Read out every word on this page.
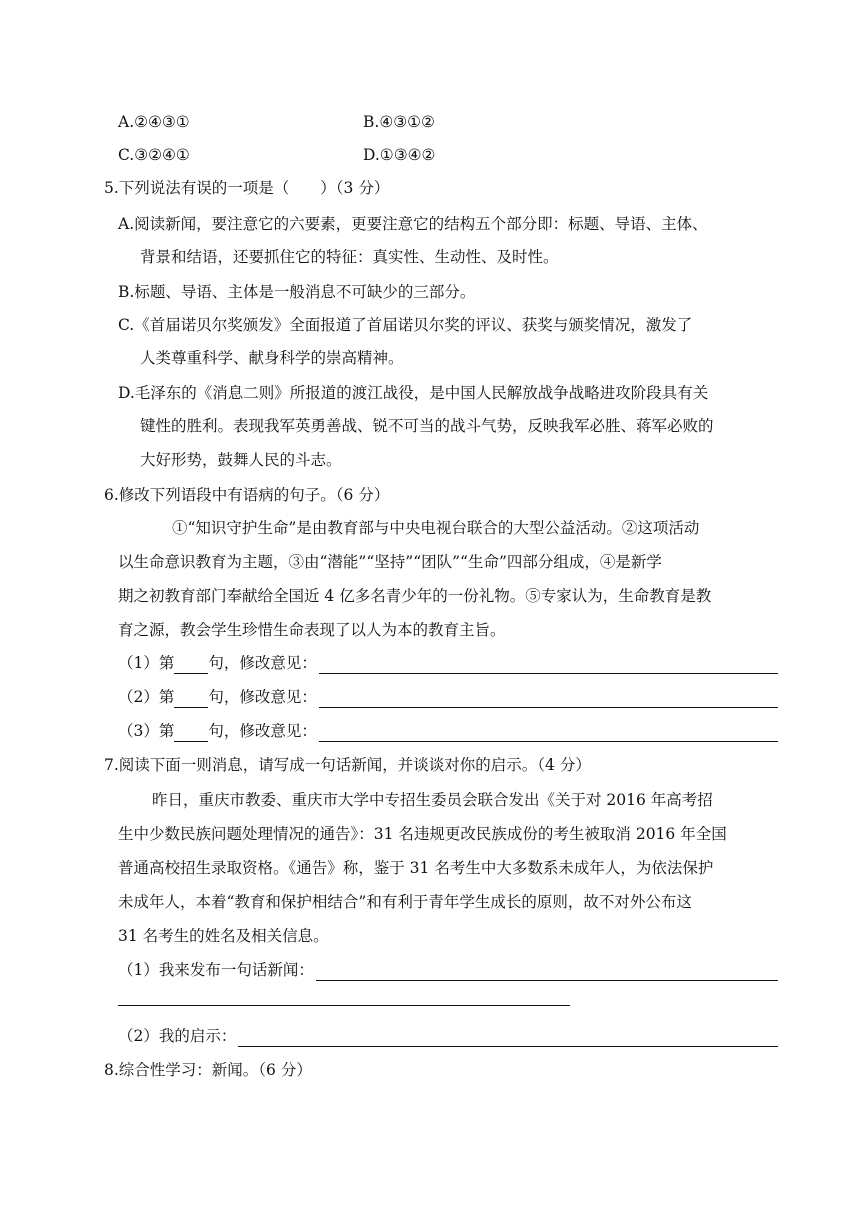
A.②④③①	B.④③①②
C.③②④①	D.①③④②
5.下列说法有误的一项是（　　）（3 分）
A.阅读新闻，要注意它的六要素，更要注意它的结构五个部分即：标题、导语、主体、
背景和结语，还要抓住它的特征：真实性、生动性、及时性。
B.标题、导语、主体是一般消息不可缺少的三部分。
C.《首届诺贝尔奖颁发》全面报道了首届诺贝尔奖的评议、获奖与颁奖情况，激发了
人类尊重科学、献身科学的崇高精神。
D.毛泽东的《消息二则》所报道的渡江战役，是中国人民解放战争战略进攻阶段具有关
键性的胜利。表现我军英勇善战、锐不可当的战斗气势，反映我军必胜、蒋军必败的
大好形势，鼓舞人民的斗志。
6.修改下列语段中有语病的句子。（6 分）
①“知识守护生命”是由教育部与中央电视台联合的大型公益活动。②这项活动
以生命意识教育为主题，③由“潜能”“坚持”“团队”“生命”四部分组成，④是新学
期之初教育部门奉献给全国近 4 亿多名青少年的一份礼物。⑤专家认为，生命教育是教
育之源，教会学生珍惜生命表现了以人为本的教育主旨。
（1）第 句，修改意见：
（2）第 句，修改意见：
（3）第 句，修改意见：
7.阅读下面一则消息，请写成一句话新闻，并谈谈对你的启示。（4 分）
昨日，重庆市教委、重庆市大学中专招生委员会联合发出《关于对 2016 年高考招
生中少数民族问题处理情况的通告》：31 名违规更改民族成份的考生被取消 2016 年全国
普通高校招生录取资格。《通告》称，鉴于 31 名考生中大多数系未成年人，为依法保护
未成年人，本着“教育和保护相结合”和有利于青年学生成长的原则，故不对外公布这
31 名考生的姓名及相关信息。
（1）我来发布一句话新闻：
（2）我的启示：
8.综合性学习：新闻。（6 分）
